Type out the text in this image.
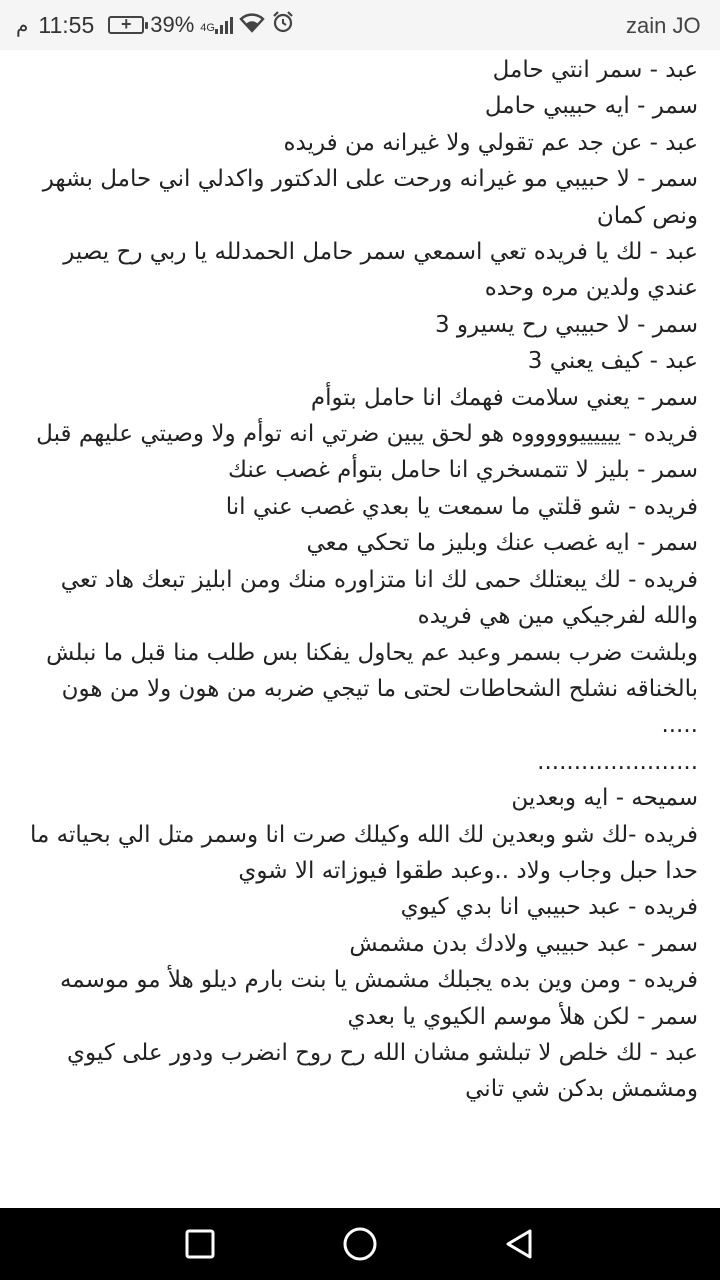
م 11:55	+ 39% 4G	zain JO

عبد - سمر انتي حامل

سمر - ايه حبيبي حامل

عبد - عن جد عم تقولي ولا غيرانه من فريده

سمر - لا حبيبي مو غيرانه ورحت على الدكتور واكدلي اني حامل بشهر ونص كمان

عبد - لك يا فريده تعي اسمعي سمر حامل الحمدلله يا ربي رح يصير عندي ولدين مره وحده

سمر - لا حبيبي رح يسيرو 3

عبد - كيف يعني 3

سمر - يعني سلامت فهمك انا حامل بتوأم

فريده - ييييييوووووه هو لحق يبين ضرتي انه توأم ولا وصيتي عليهم قبل

سمر - بليز لا تتمسخري انا حامل بتوأم غصب عنك

فريده - شو قلتي ما سمعت يا بعدي غصب عني انا

سمر - ايه غصب عنك وبليز ما تحكي معي

فريده - لك يبعتلك حمى لك انا متزاوره منك ومن ابليز تبعك هاد تعي والله لفرجيكي مين هي فريده

وبلشت ضرب بسمر وعبد عم يحاول يفكنا بس طلب منا قبل ما نبلش بالخناقه نشلح الشحاطات لحتى ما تيجي ضربه من هون ولا من هون .....

......................

سميحه - ايه وبعدين

فريده -لك شو وبعدين لك الله وكيلك صرت انا وسمر متل الي بحياته ما حدا حبل وجاب ولاد ..وعبد طقوا فيوزاته الا شوي

فريده - عبد حبيبي انا بدي كيوي

سمر - عبد حبيبي ولادك بدن مشمش

فريده - ومن وين بده يجبلك مشمش يا بنت بارم ديلو هلأ مو موسمه

سمر - لكن هلأ موسم الكيوي يا بعدي

عبد - لك خلص لا تبلشو مشان الله رح روح انضرب ودور على كيوي ومشمش بدكن شي تاني
